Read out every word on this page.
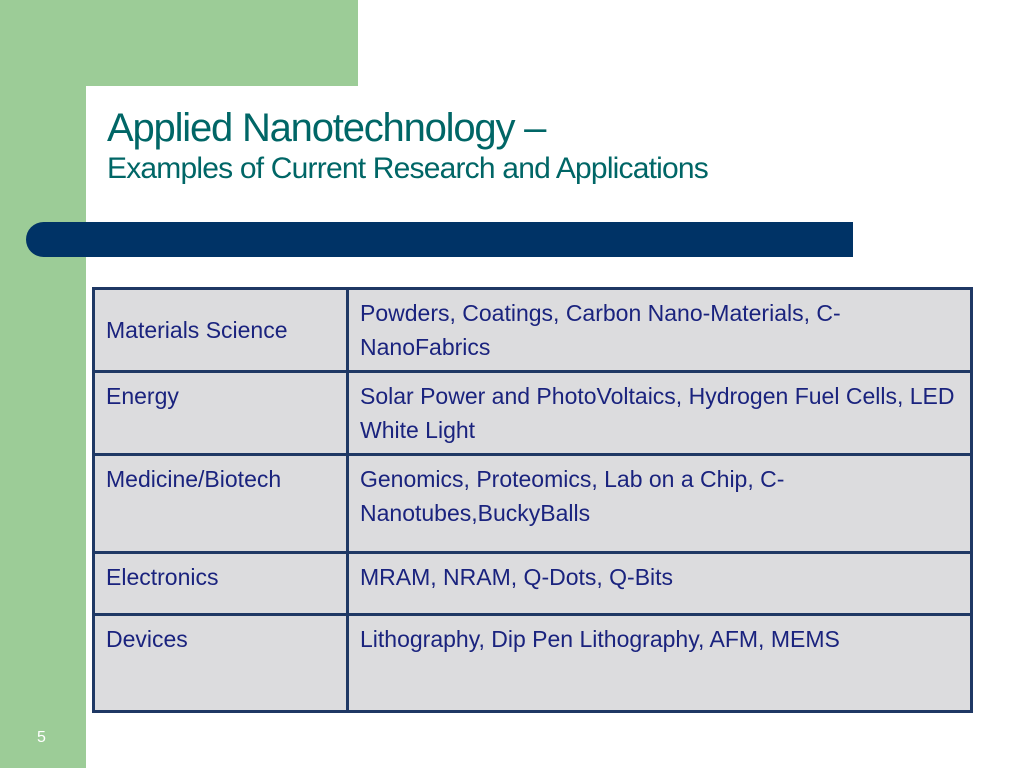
Applied Nanotechnology –
Examples of Current Research and Applications
Materials Science	Powders, Coatings, Carbon Nano-Materials, C-NanoFabrics
Energy	Solar Power and PhotoVoltaics, Hydrogen Fuel Cells, LED White Light
Medicine/Biotech	Genomics, Proteomics, Lab on a Chip, C-Nanotubes,BuckyBalls
Electronics	MRAM, NRAM, Q-Dots, Q-Bits
Devices	Lithography, Dip Pen Lithography, AFM, MEMS
5
